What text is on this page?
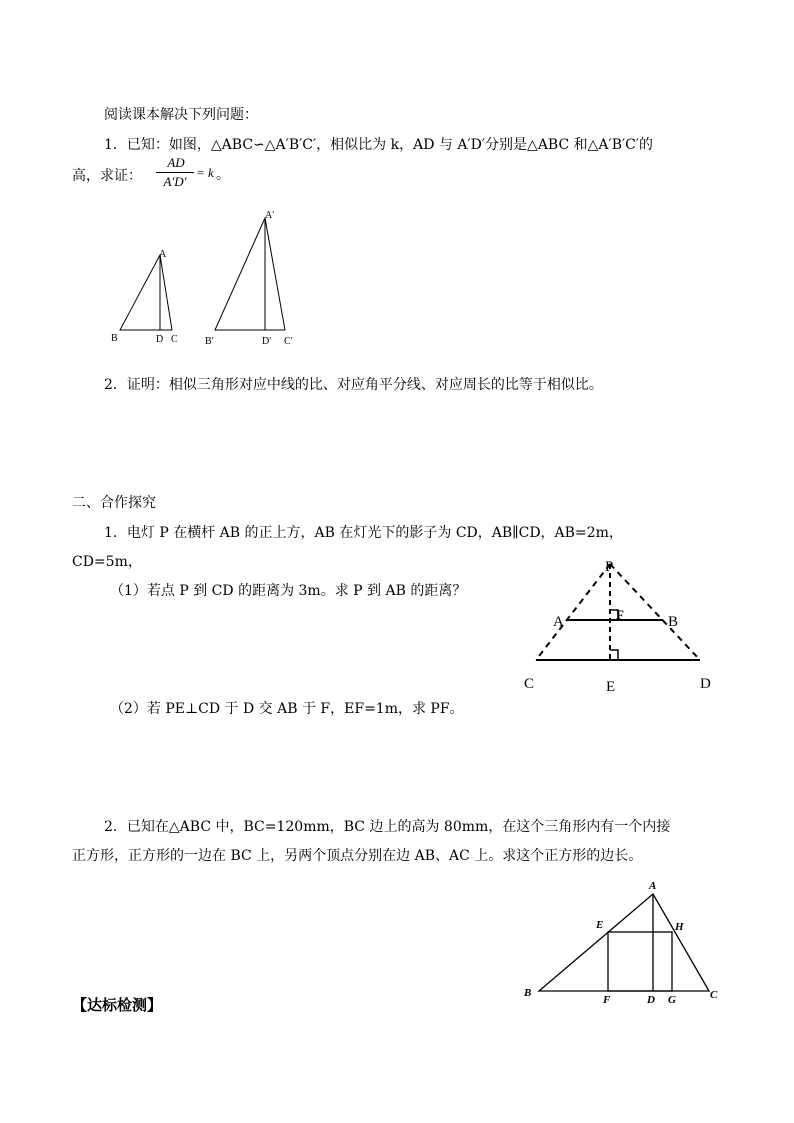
阅读课本解决下列问题：
1．已知：如图，△ABC∽△A′B′C′，相似比为 k，AD 与 A′D′分别是△ABC 和△A′B′C′的
高，求证：
AD
A′D′
= k 。
A
B	D C
A′
B′	D′ C′
2．证明：相似三角形对应中线的比、对应角平分线、对应周长的比等于相似比。
二、合作探究
1．电灯 P 在横杆 AB 的正上方，AB 在灯光下的影子为 CD，AB∥CD，AB=2m，
CD=5m，
（1）若点 P 到 CD 的距离为 3m。求 P 到 AB 的距离？
P
A	B
F
C	E	D
（2）若 PE⊥CD 于 D 交 AB 于 F，EF=1m，求 PF。
2．已知在△ABC 中，BC=120mm，BC 边上的高为 80mm，在这个三角形内有一个内接
正方形，正方形的一边在 BC 上，另两个顶点分别在边 AB、AC 上。求这个正方形的边长。
A
B	C
D
E
F	G
H
【达标检测】
